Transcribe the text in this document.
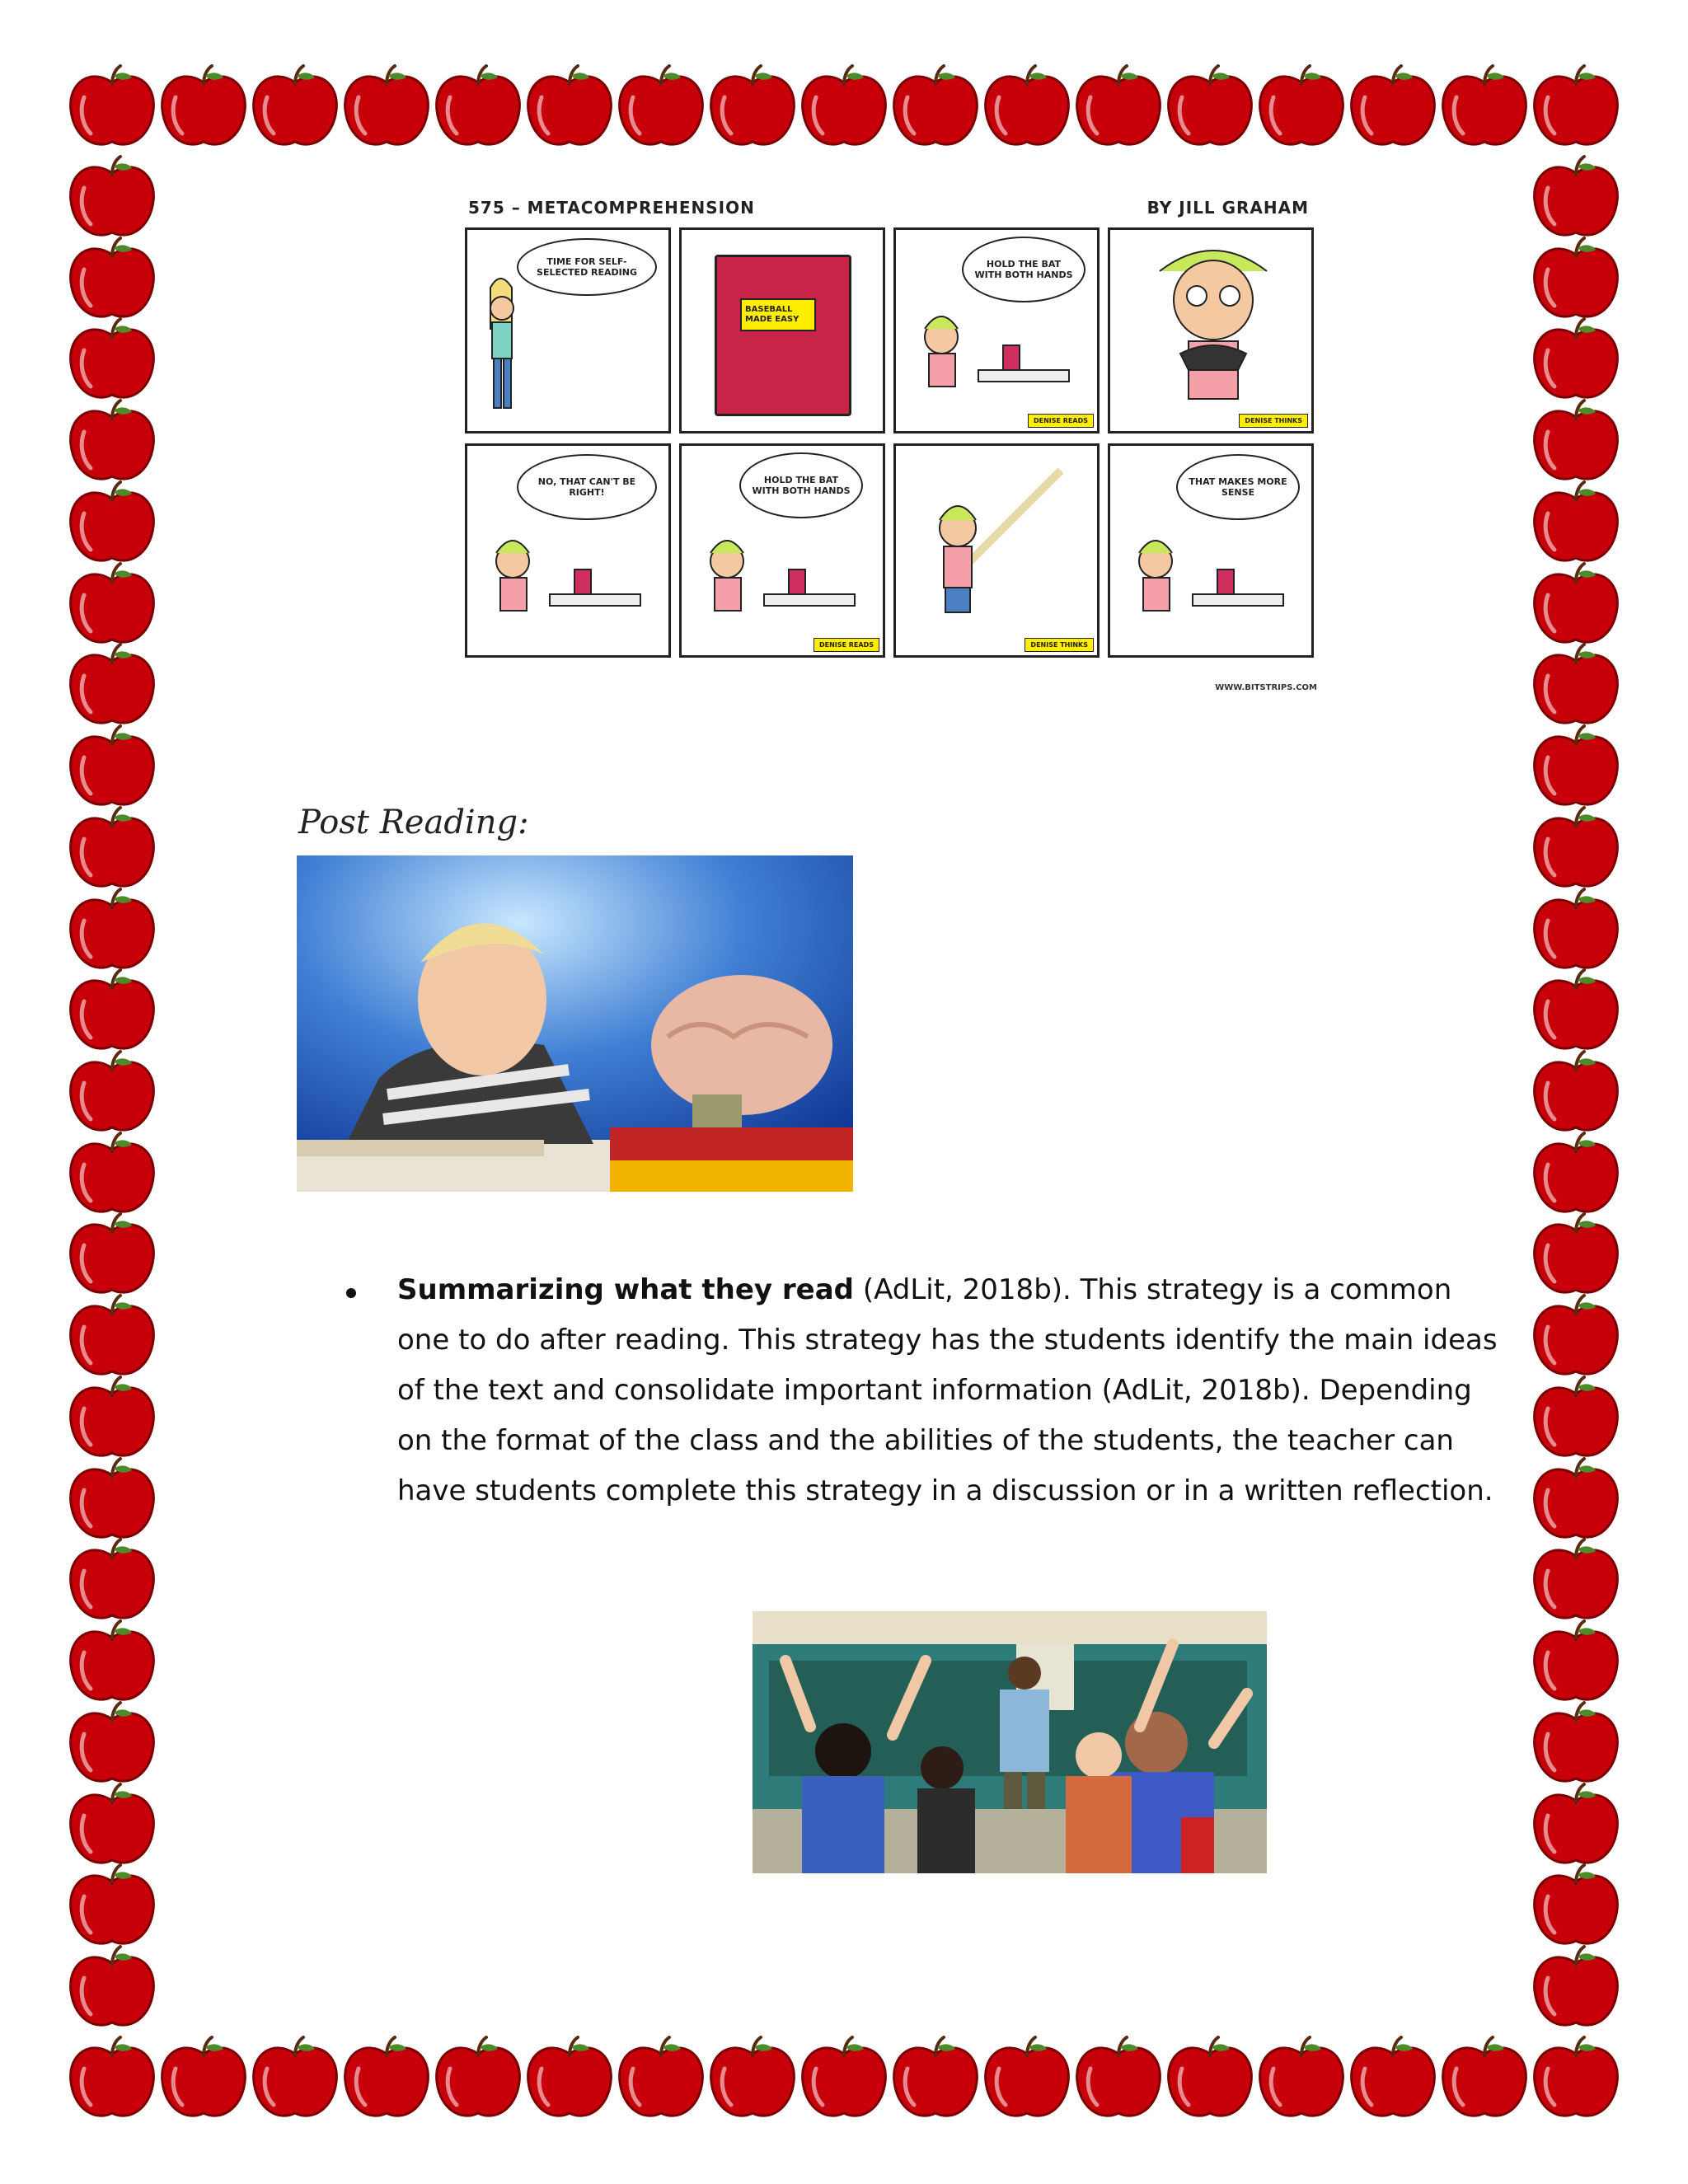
575 – METACOMPREHENSION	BY JILL GRAHAM
TIME FOR SELF-SELECTED READING
BASEBALL MADE EASY
HOLD THE BAT WITH BOTH HANDS
DENISE READS	DENISE THINKS
NO, THAT CAN'T BE RIGHT!
HOLD THE BAT WITH BOTH HANDS
DENISE READS	DENISE THINKS
THAT MAKES MORE SENSE
WWW.BITSTRIPS.COM
Post Reading:
Summarizing what they read (AdLit, 2018b). This strategy is a common one to do after reading. This strategy has the students identify the main ideas of the text and consolidate important information (AdLit, 2018b). Depending on the format of the class and the abilities of the students, the teacher can have students complete this strategy in a discussion or in a written reflection.
